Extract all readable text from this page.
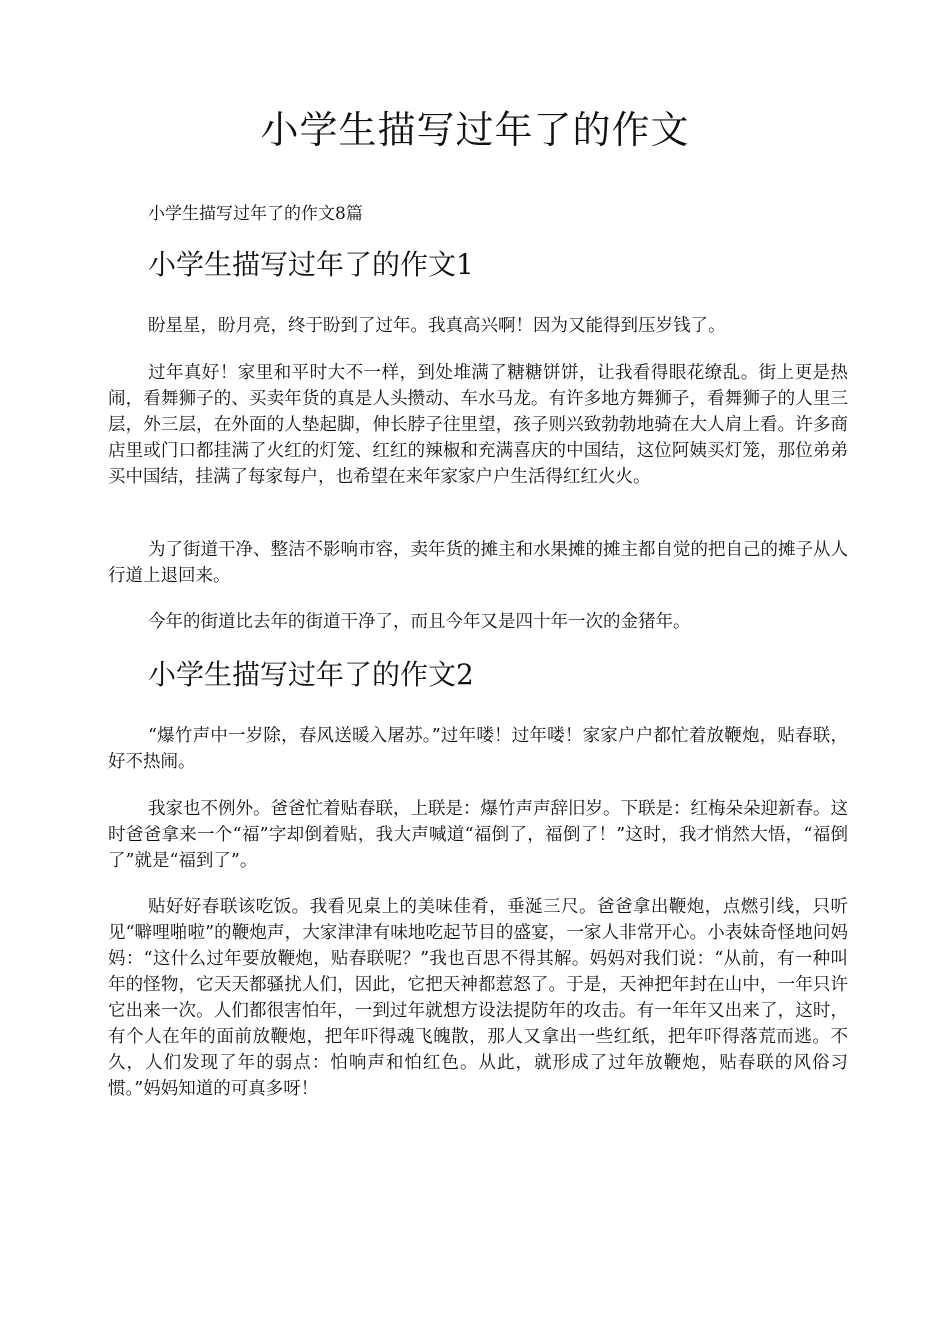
小学生描写过年了的作文

小学生描写过年了的作文8篇

小学生描写过年了的作文1

盼星星，盼月亮，终于盼到了过年。我真高兴啊！因为又能得到压岁钱了。

过年真好！家里和平时大不一样，到处堆满了糖糖饼饼，让我看得眼花缭乱。街上更是热闹，看舞狮子的、买卖年货的真是人头攒动、车水马龙。有许多地方舞狮子，看舞狮子的人里三层，外三层，在外面的人垫起脚，伸长脖子往里望，孩子则兴致勃勃地骑在大人肩上看。许多商店里或门口都挂满了火红的灯笼、红红的辣椒和充满喜庆的中国结，这位阿姨买灯笼，那位弟弟买中国结，挂满了每家每户，也希望在来年家家户户生活得红红火火。

为了街道干净、整洁不影响市容，卖年货的摊主和水果摊的摊主都自觉的把自己的摊子从人行道上退回来。

今年的街道比去年的街道干净了，而且今年又是四十年一次的金猪年。

小学生描写过年了的作文2

“爆竹声中一岁除，春风送暖入屠苏。”过年喽！过年喽！家家户户都忙着放鞭炮，贴春联，好不热闹。

我家也不例外。爸爸忙着贴春联，上联是：爆竹声声辞旧岁。下联是：红梅朵朵迎新春。这时爸爸拿来一个“福”字却倒着贴，我大声喊道“福倒了，福倒了！”这时，我才悄然大悟，“福倒了”就是“福到了”。

贴好好春联该吃饭。我看见桌上的美味佳肴，垂涎三尺。爸爸拿出鞭炮，点燃引线，只听见“噼哩啪啦”的鞭炮声，大家津津有味地吃起节目的盛宴，一家人非常开心。小表妹奇怪地问妈妈：“这什么过年要放鞭炮，贴春联呢？”我也百思不得其解。妈妈对我们说：“从前，有一种叫年的怪物，它天天都骚扰人们，因此，它把天神都惹怒了。于是，天神把年封在山中，一年只许它出来一次。人们都很害怕年，一到过年就想方设法提防年的攻击。有一年年又出来了，这时，有个人在年的面前放鞭炮，把年吓得魂飞魄散，那人又拿出一些红纸，把年吓得落荒而逃。不久，人们发现了年的弱点：怕响声和怕红色。从此，就形成了过年放鞭炮，贴春联的风俗习惯。”妈妈知道的可真多呀！
